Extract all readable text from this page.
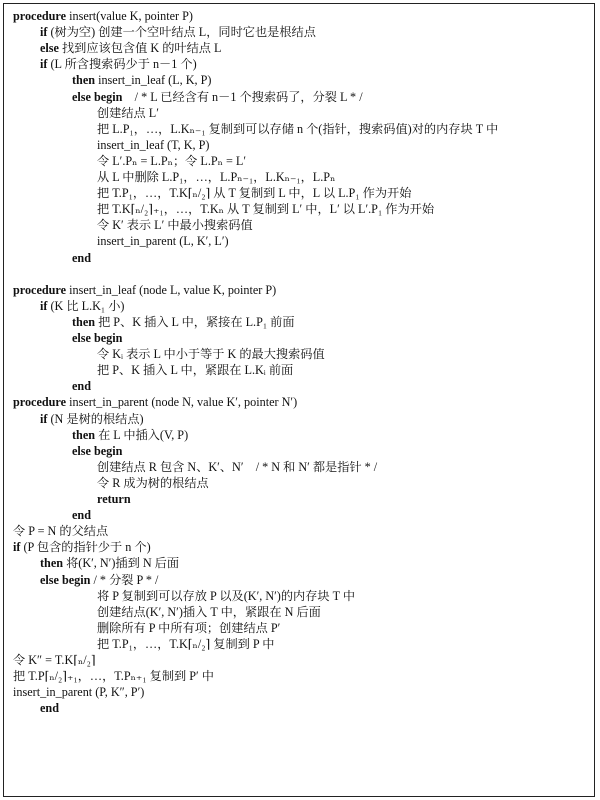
procedure insert(value K, pointer P)
if (树为空) 创建一个空叶结点 L，同时它也是根结点
else 找到应该包含值 K 的叶结点 L
if (L 所含搜索码少于 n－1 个)
then insert_in_leaf (L, K, P)
else begin　/ * L 已经含有 n－1 个搜索码了，分裂 L * /
创建结点 L′
把 L.P₁，…，L.Kₙ₋₁ 复制到可以存储 n 个(指针，搜索码值)对的内存块 T 中
insert_in_leaf (T, K, P)
令 L′.Pₙ = L.Pₙ；令 L.Pₙ = L′
从 L 中删除 L.P₁，…，L.Pₙ₋₁，L.Kₙ₋₁，L.Pₙ
把 T.P₁，…，T.K⌈ₙ/₂⌉ 从 T 复制到 L 中，L 以 L.P₁ 作为开始
把 T.K⌈ₙ/₂⌉₊₁，…，T.Kₙ 从 T 复制到 L′ 中，L′ 以 L′.P₁ 作为开始
令 K′ 表示 L′ 中最小搜索码值
insert_in_parent (L, K′, L′)
end
procedure insert_in_leaf (node L, value K, pointer P)
if (K 比 L.K₁ 小)
then 把 P、K 插入 L 中，紧接在 L.P₁ 前面
else begin
令 Kᵢ 表示 L 中小于等于 K 的最大搜索码值
把 P、K 插入 L 中，紧跟在 L.Kᵢ 前面
end
procedure insert_in_parent (node N, value K′, pointer N′)
if (N 是树的根结点)
then 在 L 中插入(V, P)
else begin
创建结点 R 包含 N、K′、N′　/ * N 和 N′ 都是指针 * /
令 R 成为树的根结点
return
end
令 P = N 的父结点
if (P 包含的指针少于 n 个)
then 将(K′, N′)插到 N 后面
else begin / * 分裂 P * /
将 P 复制到可以存放 P 以及(K′, N′)的内存块 T 中
创建结点(K′, N′)插入 T 中，紧跟在 N 后面
删除所有 P 中所有项；创建结点 P′
把 T.P₁，…，T.K⌈ₙ/₂⌉ 复制到 P 中
令 K″ = T.K⌈ₙ/₂⌉
把 T.P⌈ₙ/₂⌉₊₁，…，T.Pₙ₊₁ 复制到 P′ 中
insert_in_parent (P, K″, P′)
end
